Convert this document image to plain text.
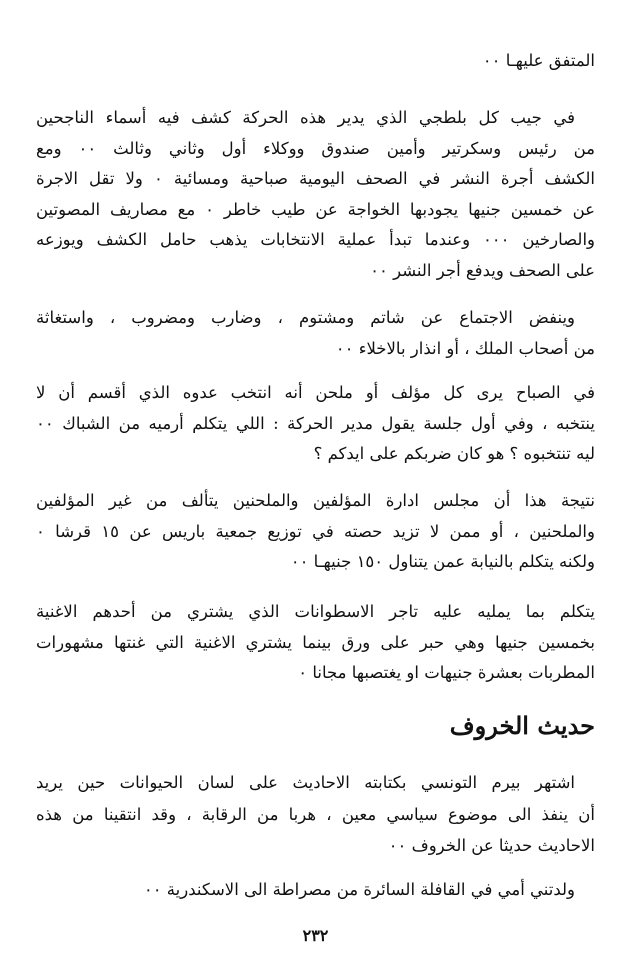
المتفق عليهـا ٠٠
في جيب كل بلطجي الذي يدير هذه الحركة كشف فيه أسماء الناجحين
من رئيس وسكرتير وأمين صندوق ووكلاء أول وثاني وثالث ٠٠ ومع
الكشف أجرة النشر في الصحف اليومية صباحية ومسائية ٠ ولا تقل الاجرة
عن خمسين جنيها يجودبها الخواجة عن طيب خاطر ٠ مع مصاريف المصوتين
والصارخين ٠٠٠ وعندما تبدأ عملية الانتخابات يذهب حامل الكشف ويوزعه
على الصحف ويدفع أجر النشر ٠٠
وينفض الاجتماع عن شاتم ومشتوم ، وضارب ومضروب ، واستغاثة
من أصحاب الملك ، أو انذار بالاخلاء ٠٠
في الصباح يرى كل مؤلف أو ملحن أنه انتخب عدوه الذي أقسم أن لا
ينتخبه ، وفي أول جلسة يقول مدير الحركة : اللي يتكلم أرميه من الشباك ٠٠
ليه تنتخبوه ؟ هو كان ضربكم على ايدكم ؟
نتيجة هذا أن مجلس ادارة المؤلفين والملحنين يتألف من غير المؤلفين
والملحنين ، أو ممن لا تزيد حصته في توزيع جمعية باريس عن ١٥ قرشا ٠
ولكنه يتكلم بالنيابة عمن يتناول ١٥٠ جنيهـا ٠٠
يتكلم بما يمليه عليه تاجر الاسطوانات الذي يشتري من أحدهم الاغنية
بخمسين جنيها وهي حبر على ورق بينما يشتري الاغنية التي غنتها مشهورات
المطربات بعشرة جنيهات او يغتصبها مجانا ٠
حديث الخروف
اشتهر بيرم التونسي بكتابته الاحاديث على لسان الحيوانات حين يريد
أن ينفذ الى موضوع سياسي معين ، هربا من الرقابة ، وقد انتقينا من هذه
الاحاديث حديثا عن الخروف ٠٠
ولدتني أمي في القافلة السائرة من مصراطة الى الاسكندرية ٠٠
٢٣٢
